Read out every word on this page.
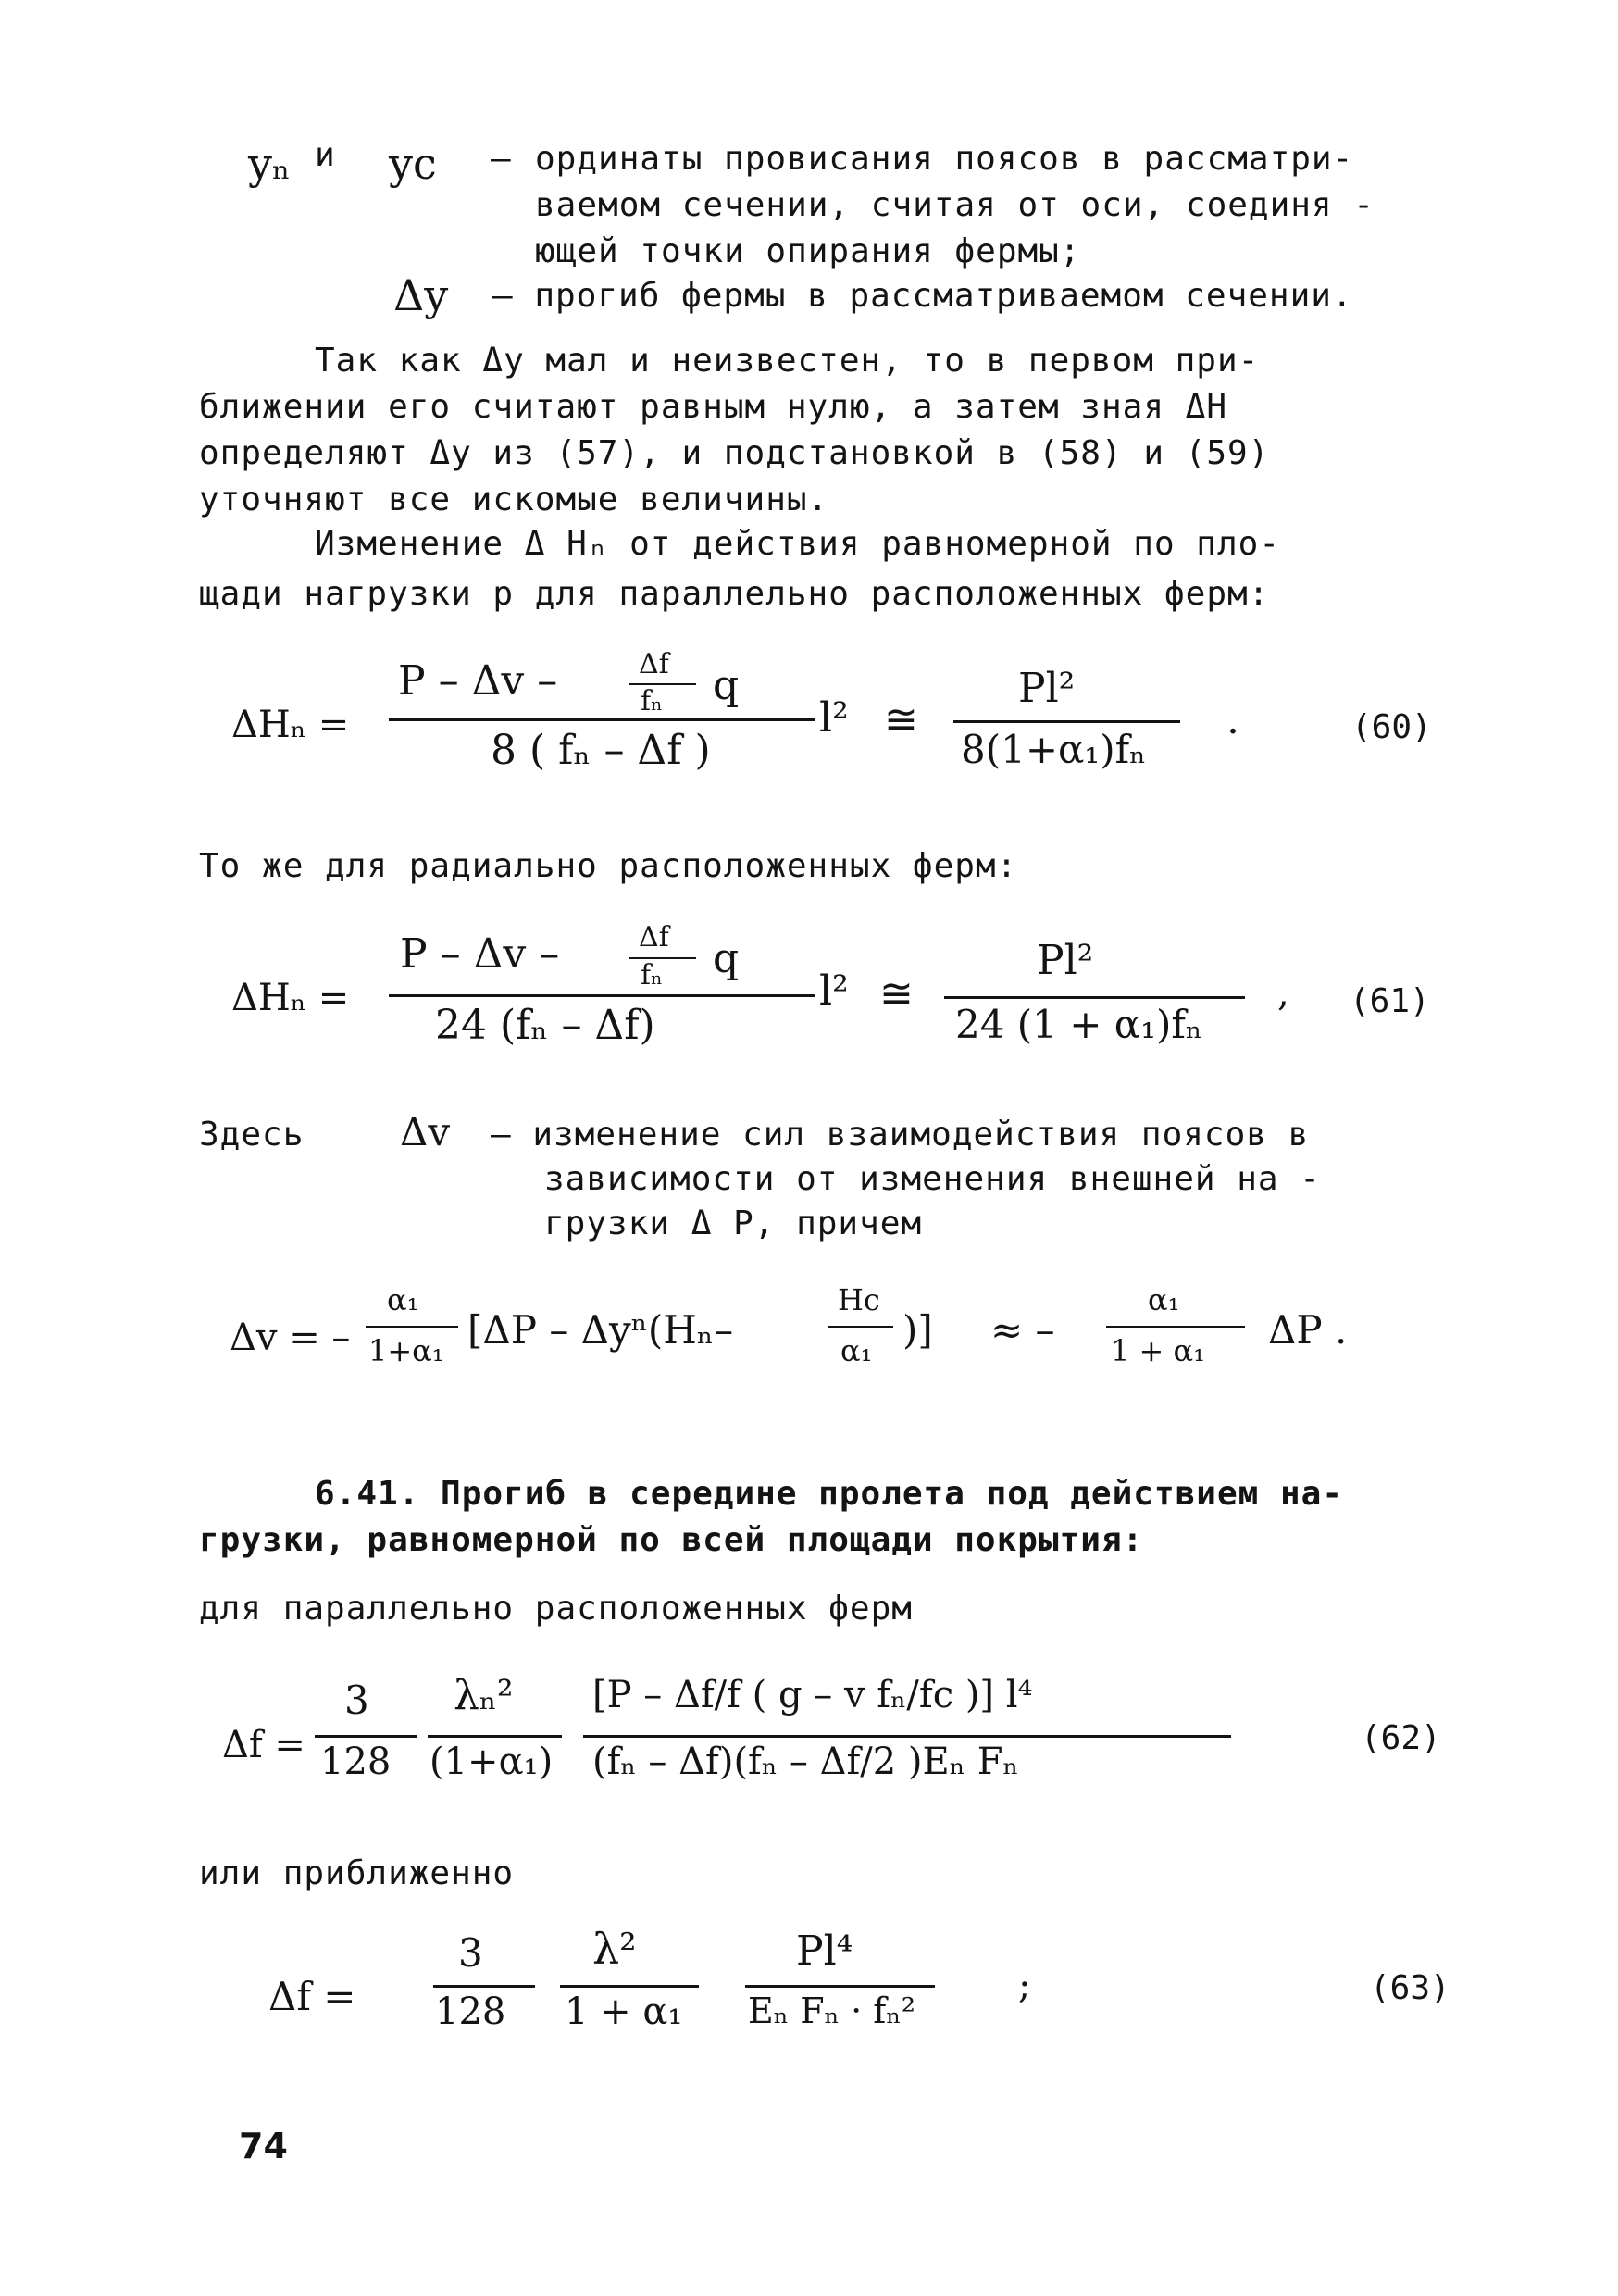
yₙ и yc – ординаты провисания поясов в рассматри-
ваемом сечении, считая от оси, соединя -
ющей точки опирания фермы;
Δy – прогиб фермы в рассматриваемом сечении.
Так как Δy мал и неизвестен, то в первом при-
ближении его считают равным нулю, а затем зная ΔH
определяют Δy из (57), и подстановкой в (58) и (59)
уточняют все искомые величины.
Изменение Δ Hₙ от действия равномерной по пло-
щади нагрузки p для параллельно расположенных ферм:
ΔHₙ =
P – Δv –	Δf
fₙ q
8 ( fₙ – Δf )
l² ≅
Pl²
8(1+α₁)fₙ
.	(60)
То же для радиально расположенных ферм:
ΔHₙ =
P – Δv –	Δf
fₙ q
24 (fₙ – Δf)
l² ≅
Pl²
24 (1 + α₁)fₙ
, (61)
Здесь Δv – изменение сил взаимодействия поясов в
зависимости от изменения внешней на -
грузки Δ P, причем
Δv = –
α₁
1+α₁ [ΔP – Δyⁿ(Hₙ–
Hc
α₁ )] ≈ –
α₁
1 + α₁ ΔP .
6.41. Прогиб в середине пролета под действием на-
грузки, равномерной по всей площади покрытия:
для параллельно расположенных ферм
Δf =
3
128
λₙ²
(1+α₁)
[P – Δf/f ( g – v fₙ/fc )] l⁴
(fₙ – Δf)(fₙ – Δf/2 )Eₙ Fₙ
(62)
или приближенно
Δf =
3
128
λ²
1 + α₁
Pl⁴
Eₙ Fₙ · fₙ²
;	(63)
74
